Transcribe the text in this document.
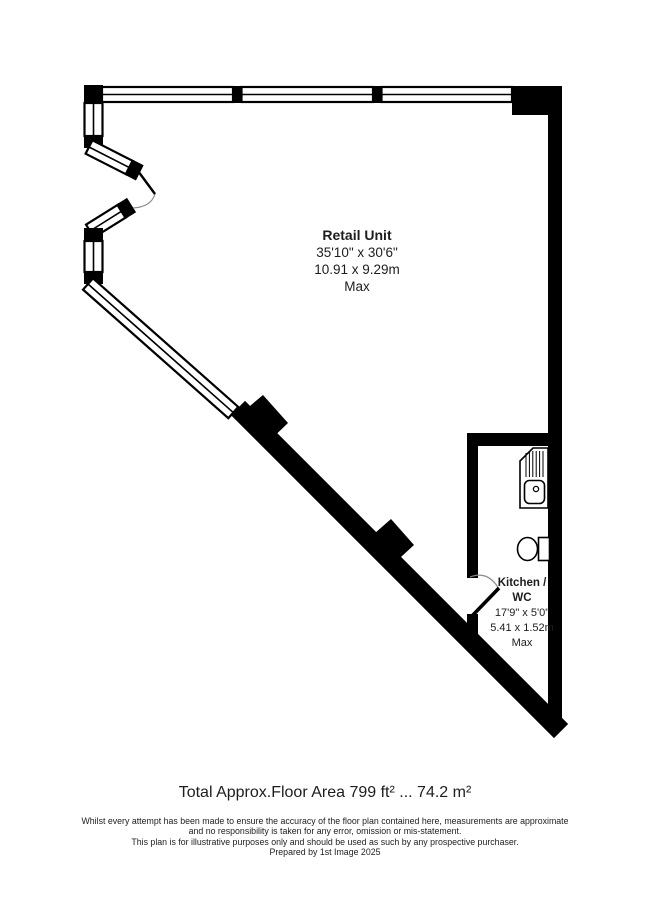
Retail Unit
35'10" x 30'6"
10.91 x 9.29m
Max
Kitchen /
WC
17'9" x 5'0"
5.41 x 1.52m
Max
Total Approx.Floor Area 799 ft² ... 74.2 m²
Whilst every attempt has been made to ensure the accuracy of the floor plan contained here, measurements are approximate
and no responsibility is taken for any error, omission or mis-statement.
This plan is for illustrative purposes only and should be used as such by any prospective purchaser.
Prepared by 1st Image 2025
